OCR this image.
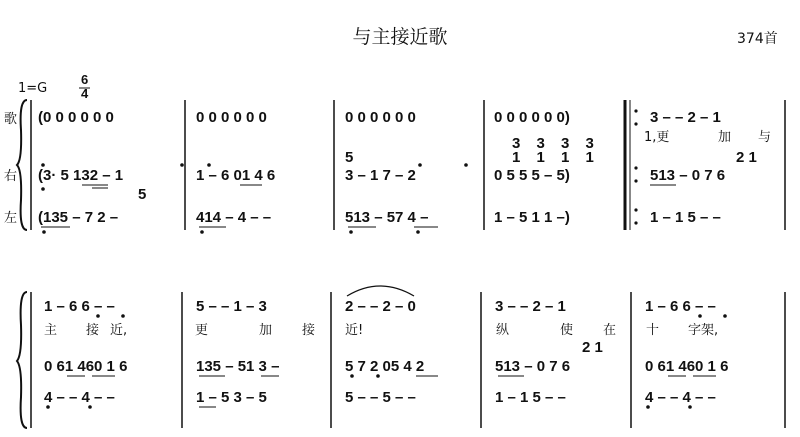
与主接近歌	374首
1=G
6
4
歌
右
左
(0 0 0 0 0 0	0 0 0 0 0 0	0 0 0 0 0 0	0 0 0 0 0 0)	3 – – 2 – 1
1,更	加 与
5
3 3 3 3
1 1 1 1	2 1
(3· 5 132 – 1	1 – 6 01 4 6	3 – 1 7 – 2	0 5 5 5 – 5)	513 – 0 7 6
5
(135 – 7 2 –	414 – 4 – –	513 – 57 4 –	1 – 5 1 1 –)	1 – 1 5 – –
1 – 6 6 – –	5 – – 1 – 3	2 – – 2 – 0	3 – – 2 – 1	1 – 6 6 – –
主 接 近,	更	加 接 近!	纵	使 在 十 字架,
2 1
0 61 460 1 6	135 – 51 3 –	5 7 2 05 4 2	513 – 0 7 6	0 61 460 1 6
4 – – 4 – –	1 – 5 3 – 5	5 – – 5 – –	1 – 1 5 – –	4 – – 4 – –
